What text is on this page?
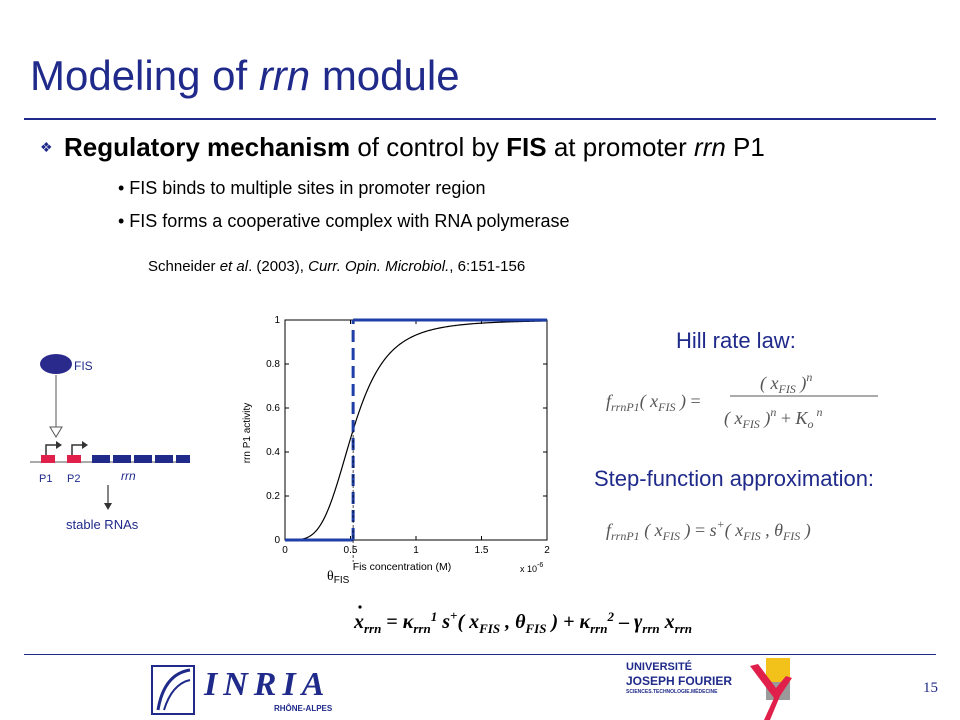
Modeling of rrn module
❖ Regulatory mechanism of control by FIS at promoter rrn P1
• FIS binds to multiple sites in promoter region
• FIS forms a cooperative complex with RNA polymerase
Schneider et al. (2003), Curr. Opin. Microbiol., 6:151-156
FIS
P1 P2	rrn
stable RNAs
0	0.5	1	1.5	2
0
0.2
0.4
0.6
0.8
1
rrn P1 activity
Fis concentration (M)	x $10^{-6}$
$\theta_{FIS}$
Hill rate law:
$f_{rrnP1}$( $x_{FIS}$ ) =
( $x_{FIS}$ )$^n$
( $x_{FIS}$ )$^n + K_o$ $^n$
Step-function approximation:
$f_{rrnP1}$ ( $x_{FIS}$ ) = s+( $x_{FIS}$ , $\theta_{FIS}$ )
$x_{rrn} = \kappa_{rrn}^1$ s+( $x_{FIS}$ , $\theta_{FIS}$ ) + $\kappa_{rrn}^2 - \gamma_{rrn}$ $x_{rrn}$
INRIA
RHÔNE-ALPES
UNIVERSITÉ
JOSEPH FOURIER
SCIENCES.TECHNOLOGIE.MÉDECINE	15
